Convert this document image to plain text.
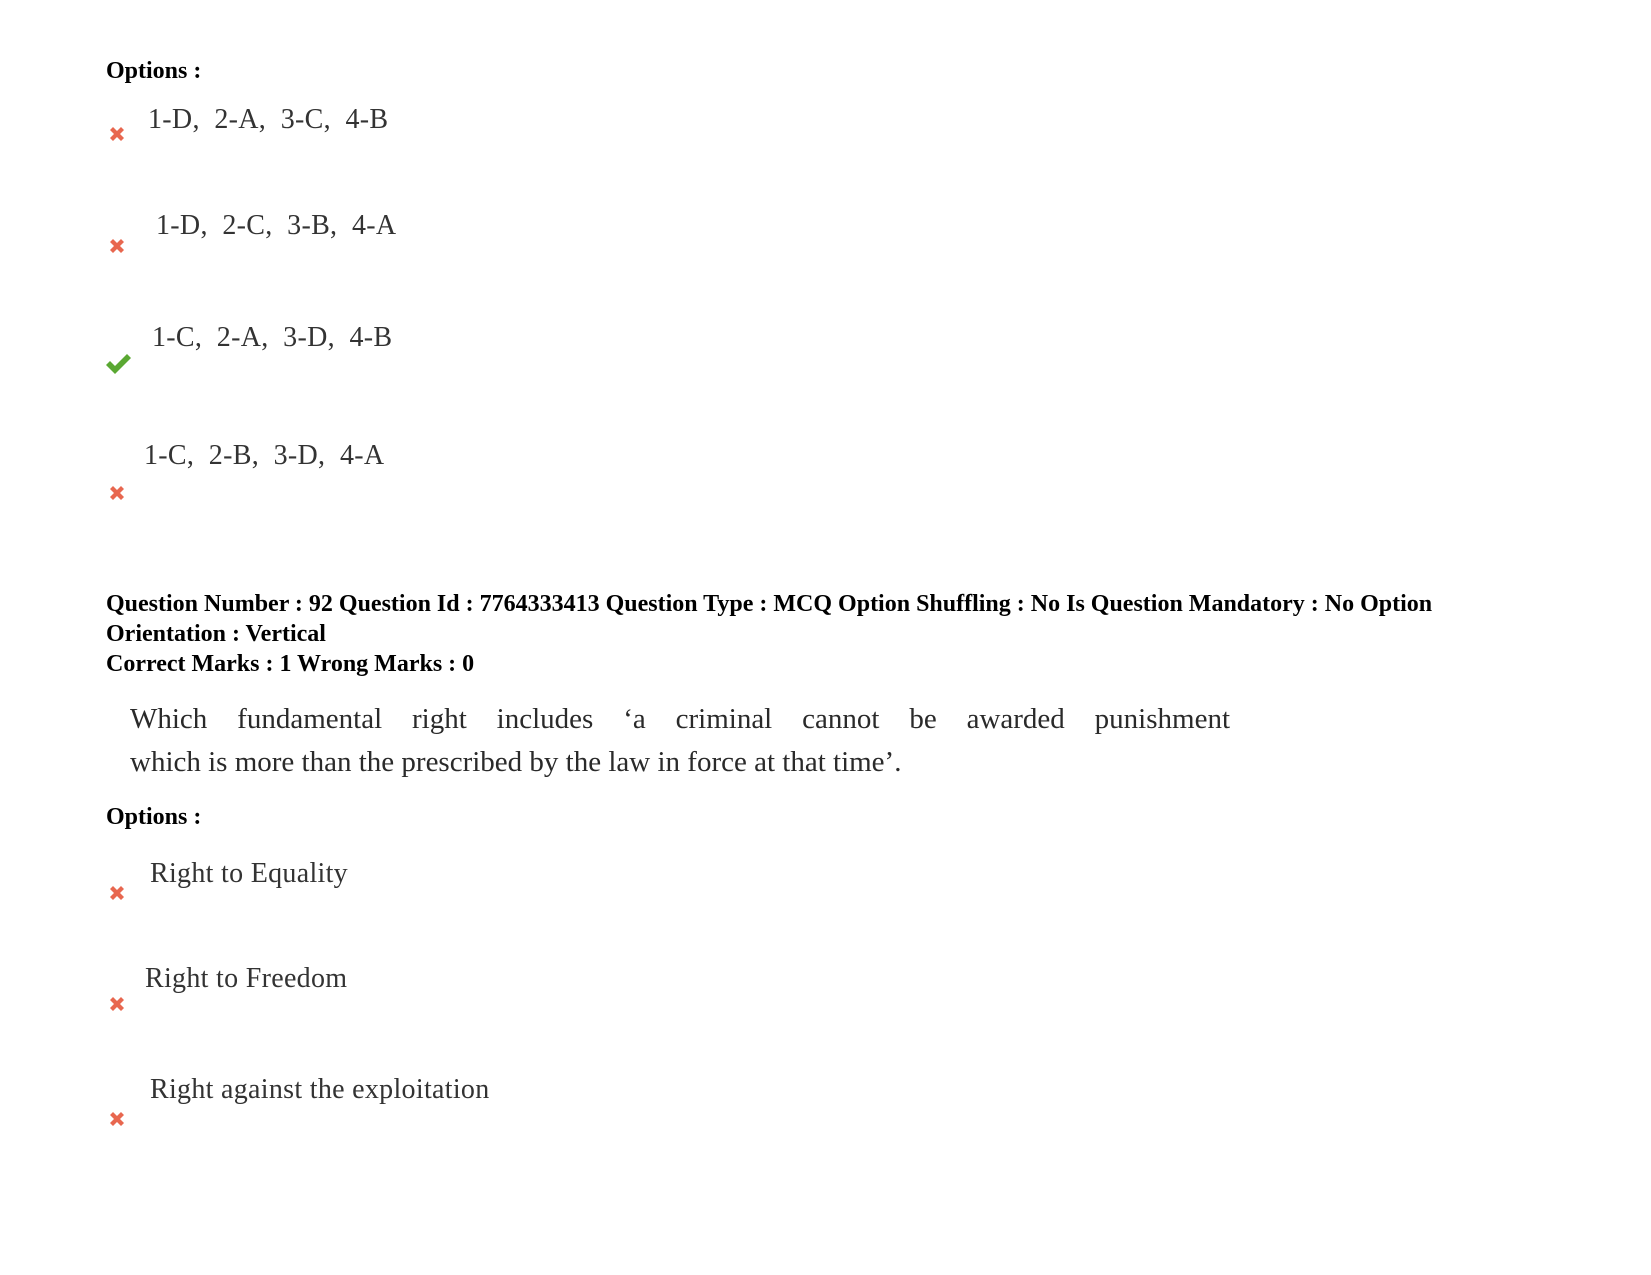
Options :
1-D,  2-A,  3-C,  4-B
1-D,  2-C,  3-B,  4-A
1-C,  2-A,  3-D,  4-B
1-C,  2-B,  3-D,  4-A
Question Number : 92 Question Id : 7764333413 Question Type : MCQ Option Shuffling : No Is Question Mandatory : No Option
Orientation : Vertical
Correct Marks : 1 Wrong Marks : 0
Which fundamental right includes ‘a criminal cannot be awarded punishment
which is more than the prescribed by the law in force at that time’.
Options :
Right to Equality
Right to Freedom
Right against the exploitation
